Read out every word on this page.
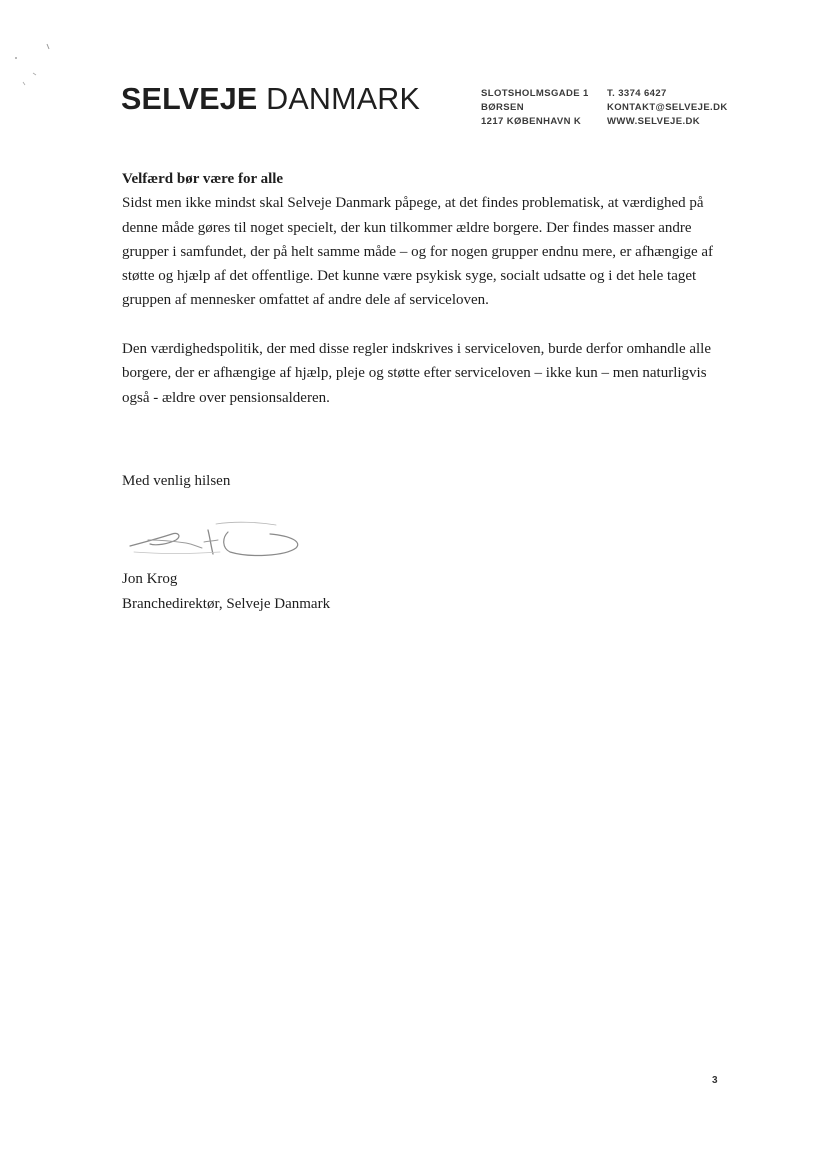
SELVEJE DANMARK	SLOTSHOLMSGADE 1
BØRSEN
1217 KØBENHAVN K
T. 3374 6427
KONTAKT@SELVEJE.DK
WWW.SELVEJE.DK

Velfærd bør være for alle

Sidst men ikke mindst skal Selveje Danmark påpege, at det findes problematisk, at værdighed på denne måde gøres til noget specielt, der kun tilkommer ældre borgere. Der findes masser andre grupper i samfundet, der på helt samme måde – og for nogen grupper endnu mere, er afhængige af støtte og hjælp af det offentlige. Det kunne være psykisk syge, socialt udsatte og i det hele taget gruppen af mennesker omfattet af andre dele af serviceloven.

Den værdighedspolitik, der med disse regler indskrives i serviceloven, burde derfor omhandle alle borgere, der er afhængige af hjælp, pleje og støtte efter serviceloven – ikke kun – men naturligvis også - ældre over pensionsalderen.

Med venlig hilsen
Jon Krog
Branchedirektør, Selveje Danmark
3
